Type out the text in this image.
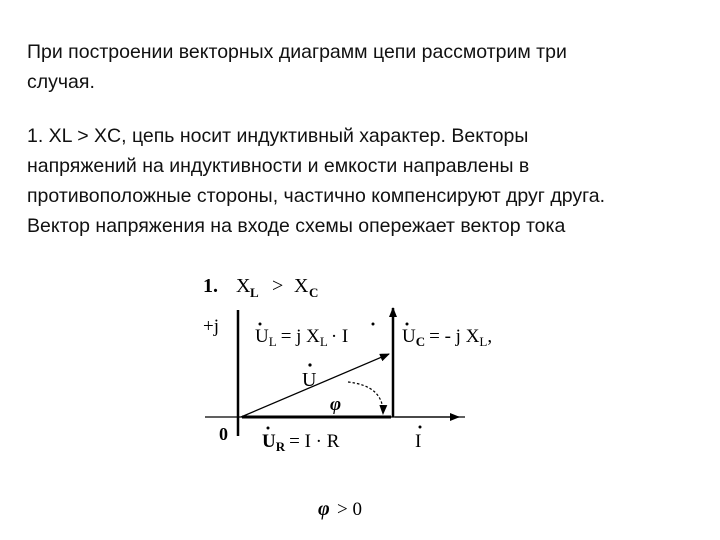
При построении векторных диаграмм цепи рассмотрим три
случая.
1. XL > XC, цепь носит индуктивный характер. Векторы
напряжений на индуктивности и емкости направлены в
противоположные стороны, частично компенсируют друг друга.
Вектор напряжения на входе схемы опережает вектор тока
1. X L > X C
+j $U_L = j$ $X_L \cdot I$	$U_C$ = - j $X_L$,
U
φ
0 $U_R = I \cdot R$	I
φ > 0
